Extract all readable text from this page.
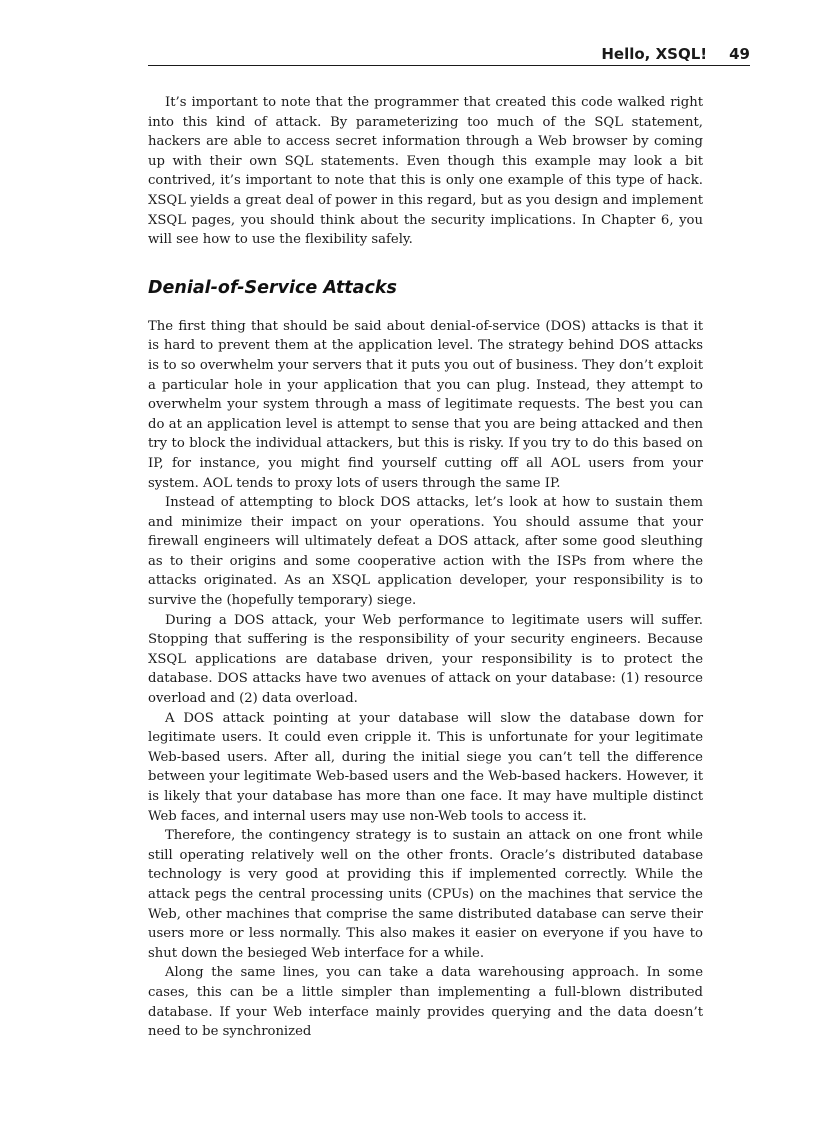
Hello, XSQL! 49

It’s important to note that the programmer that created this code walked right into this kind of attack. By parameterizing too much of the SQL statement, hackers are able to access secret information through a Web browser by coming up with their own SQL statements. Even though this example may look a bit contrived, it’s important to note that this is only one example of this type of hack. XSQL yields a great deal of power in this regard, but as you design and implement XSQL pages, you should think about the security implications. In Chapter 6, you will see how to use the flexibility safely.

Denial-of-Service Attacks

The first thing that should be said about denial-of-service (DOS) attacks is that it is hard to prevent them at the application level. The strategy behind DOS attacks is to so overwhelm your servers that it puts you out of business. They don’t exploit a particular hole in your application that you can plug. Instead, they attempt to overwhelm your system through a mass of legitimate requests. The best you can do at an application level is attempt to sense that you are being attacked and then try to block the individual attackers, but this is risky. If you try to do this based on IP, for instance, you might find yourself cutting off all AOL users from your system. AOL tends to proxy lots of users through the same IP.

Instead of attempting to block DOS attacks, let’s look at how to sustain them and minimize their impact on your operations. You should assume that your firewall engineers will ultimately defeat a DOS attack, after some good sleuthing as to their origins and some cooperative action with the ISPs from where the attacks originated. As an XSQL application developer, your responsibility is to survive the (hopefully temporary) siege.

During a DOS attack, your Web performance to legitimate users will suffer. Stopping that suffering is the responsibility of your security engineers. Because XSQL applications are database driven, your responsibility is to protect the database. DOS attacks have two avenues of attack on your database: (1) resource overload and (2) data overload.

A DOS attack pointing at your database will slow the database down for legitimate users. It could even cripple it. This is unfortunate for your legitimate Web-based users. After all, during the initial siege you can’t tell the difference between your legitimate Web-based users and the Web-based hackers. However, it is likely that your database has more than one face. It may have multiple distinct Web faces, and internal users may use non-Web tools to access it.

Therefore, the contingency strategy is to sustain an attack on one front while still operating relatively well on the other fronts. Oracle’s distributed database technology is very good at providing this if implemented correctly. While the attack pegs the central processing units (CPUs) on the machines that service the Web, other machines that comprise the same distributed database can serve their users more or less normally. This also makes it easier on everyone if you have to shut down the besieged Web interface for a while.

Along the same lines, you can take a data warehousing approach. In some cases, this can be a little simpler than implementing a full-blown distributed database. If your Web interface mainly provides querying and the data doesn’t need to be synchronized
